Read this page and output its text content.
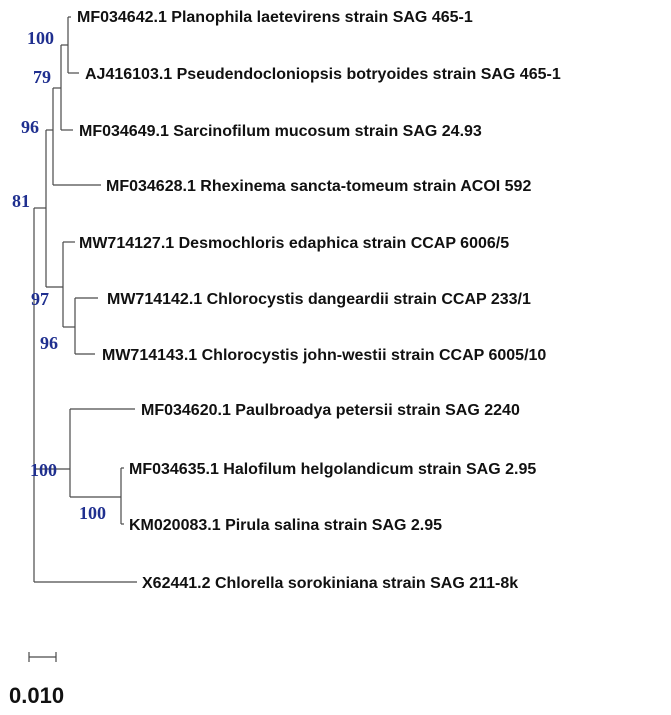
MF034642.1 Planophila laetevirens strain SAG 465-1
AJ416103.1 Pseudendocloniopsis botryoides strain SAG 465-1
MF034649.1 Sarcinofilum mucosum strain SAG 24.93
MF034628.1 Rhexinema sancta-tomeum strain ACOI 592
MW714127.1 Desmochloris edaphica strain CCAP 6006/5
MW714142.1 Chlorocystis dangeardii strain CCAP 233/1
MW714143.1 Chlorocystis john-westii strain CCAP 6005/10
MF034620.1 Paulbroadya petersii strain SAG 2240
MF034635.1 Halofilum helgolandicum strain SAG 2.95
KM020083.1 Pirula salina strain SAG 2.95
X62441.2 Chlorella sorokiniana strain SAG 211-8k
100
79
96
81
97
96
100
100
0.010
